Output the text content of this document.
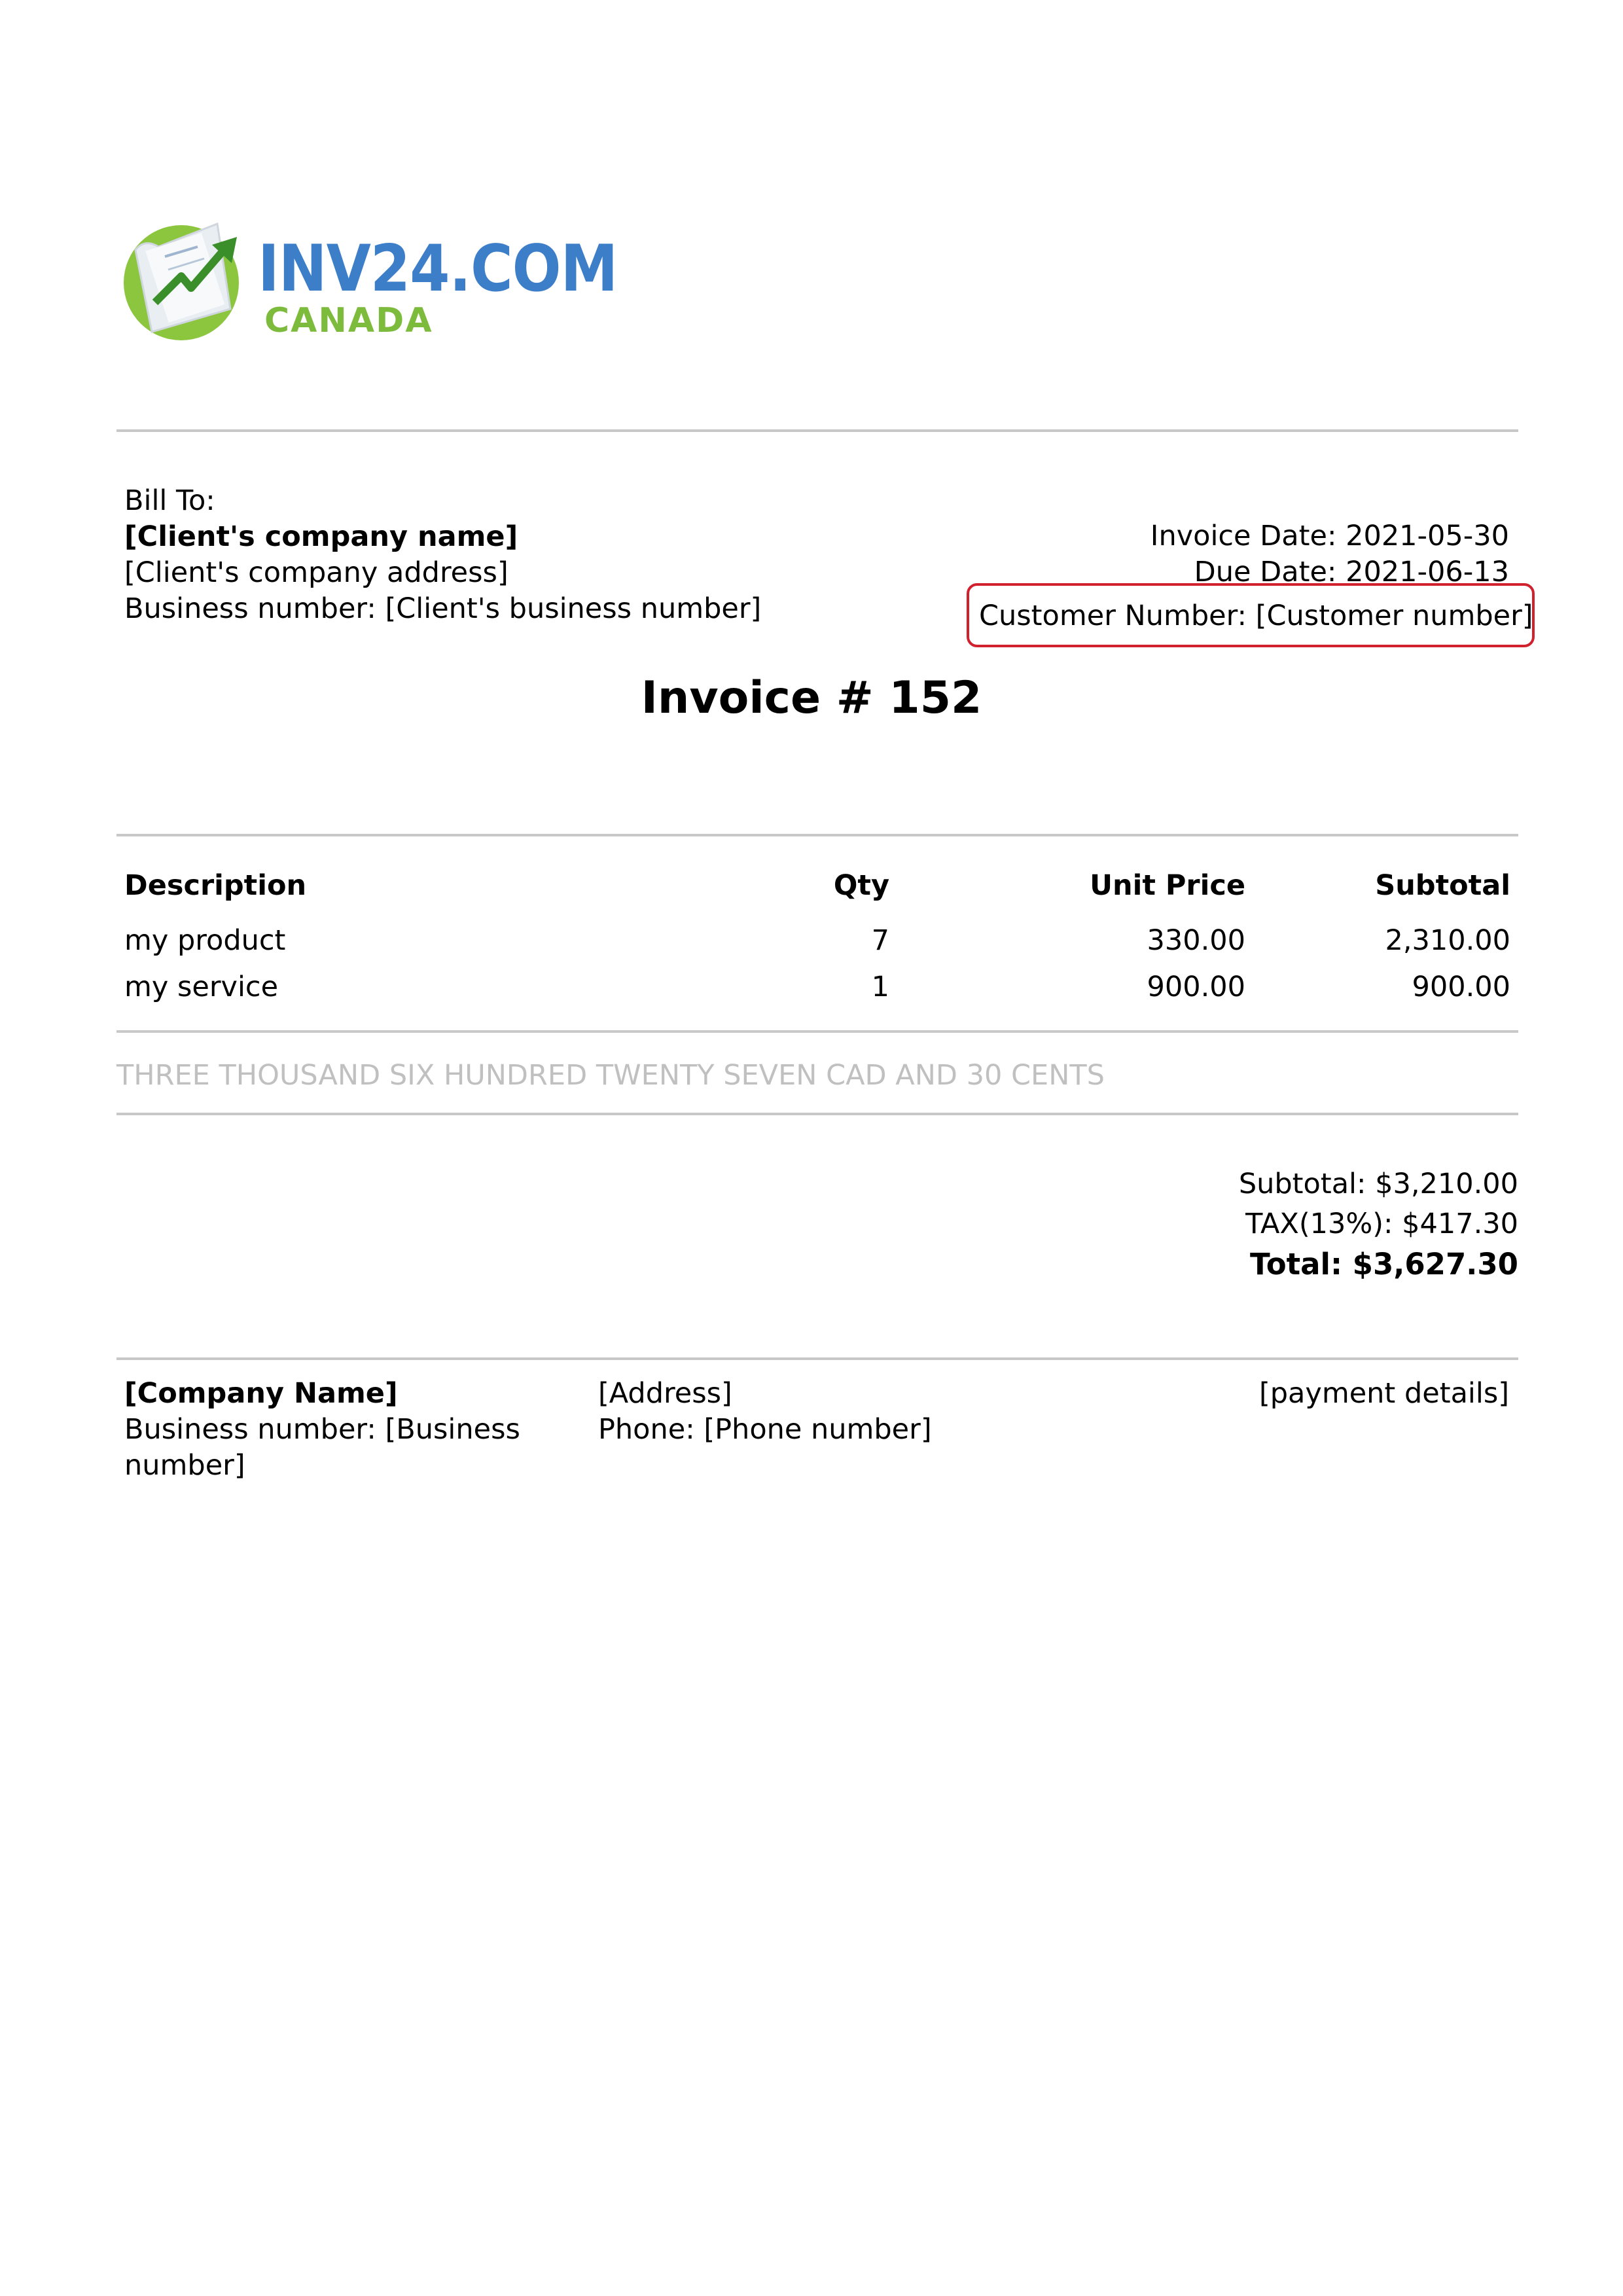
INV24.COM
CANADA
Bill To:
[Client's company name]
[Client's company address]
Business number: [Client's business number]
Invoice Date: 2021-05-30
Due Date: 2021-06-13
Customer Number: [Customer number]
Invoice # 152
Description	Qty	Unit Price	Subtotal
my product	7	330.00	2,310.00
my service	1	900.00	900.00
THREE THOUSAND SIX HUNDRED TWENTY SEVEN CAD AND 30 CENTS
Subtotal: $3,210.00
TAX(13%): $417.30
Total: $3,627.30
[Company Name]
Business number: [Business
number]
[Address]
Phone: [Phone number]
[payment details]
